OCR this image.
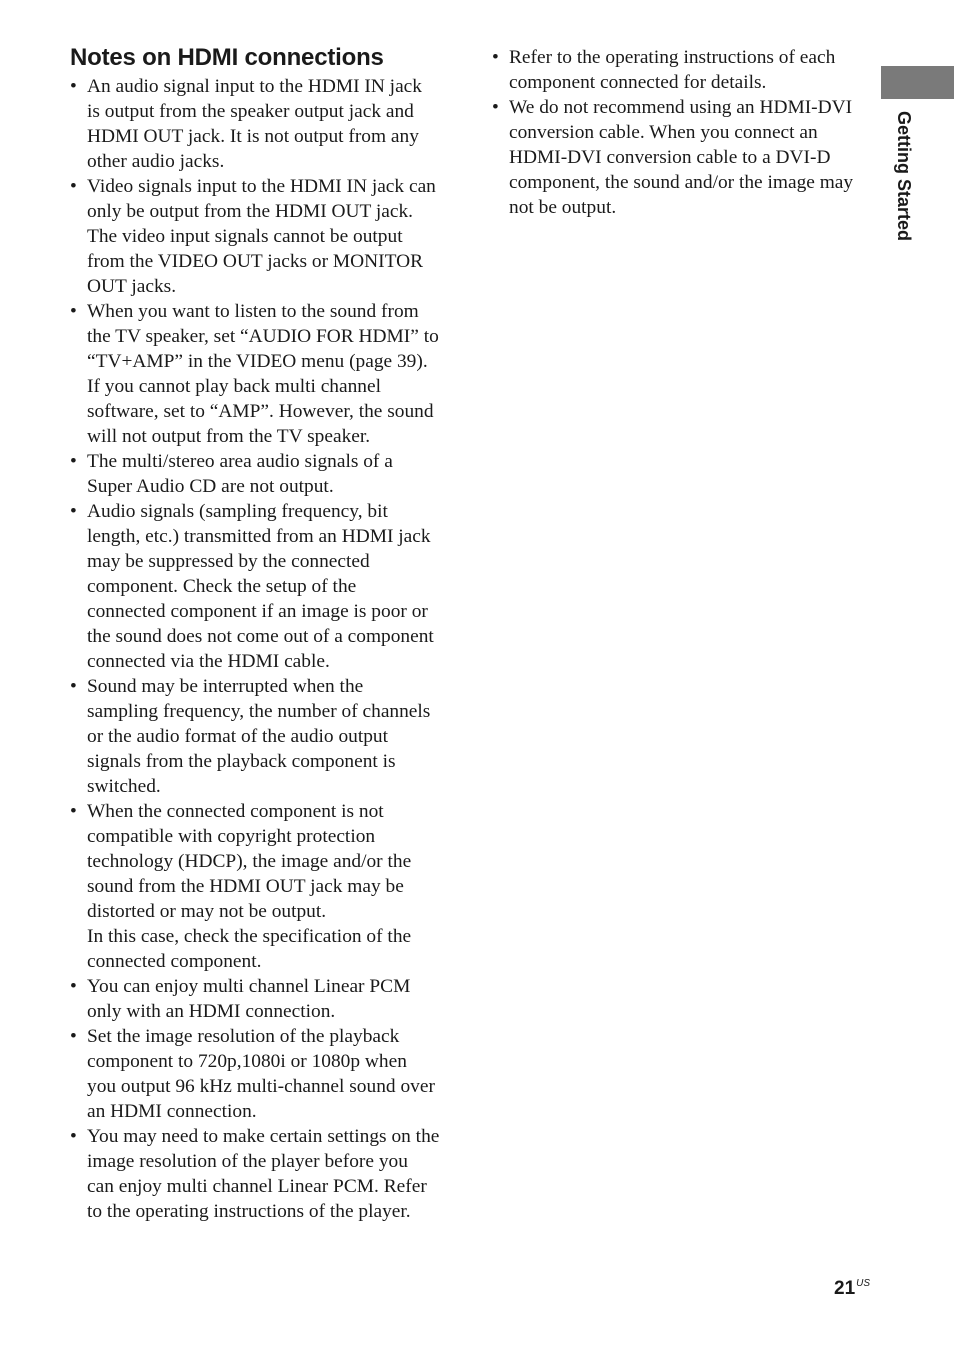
Notes on HDMI connections
• An audio signal input to the HDMI IN jack
is output from the speaker output jack and
HDMI OUT jack. It is not output from any
other audio jacks.
• Video signals input to the HDMI IN jack can
only be output from the HDMI OUT jack.
The video input signals cannot be output
from the VIDEO OUT jacks or MONITOR
OUT jacks.
• When you want to listen to the sound from
the TV speaker, set “AUDIO FOR HDMI” to
“TV+AMP” in the VIDEO menu (page 39).
If you cannot play back multi channel
software, set to “AMP”. However, the sound
will not output from the TV speaker.
• The multi/stereo area audio signals of a
Super Audio CD are not output.
• Audio signals (sampling frequency, bit
length, etc.) transmitted from an HDMI jack
may be suppressed by the connected
component. Check the setup of the
connected component if an image is poor or
the sound does not come out of a component
connected via the HDMI cable.
• Sound may be interrupted when the
sampling frequency, the number of channels
or the audio format of the audio output
signals from the playback component is
switched.
• When the connected component is not
compatible with copyright protection
technology (HDCP), the image and/or the
sound from the HDMI OUT jack may be
distorted or may not be output.
In this case, check the specification of the
connected component.
• You can enjoy multi channel Linear PCM
only with an HDMI connection.
• Set the image resolution of the playback
component to 720p,1080i or 1080p when
you output 96 kHz multi-channel sound over
an HDMI connection.
• You may need to make certain settings on the
image resolution of the player before you
can enjoy multi channel Linear PCM. Refer
to the operating instructions of the player.
• Refer to the operating instructions of each
component connected for details.
• We do not recommend using an HDMI-DVI
conversion cable. When you connect an
HDMI-DVI conversion cable to a DVI-D
component, the sound and/or the image may
not be output.	Getting Started
$21^{US}$
